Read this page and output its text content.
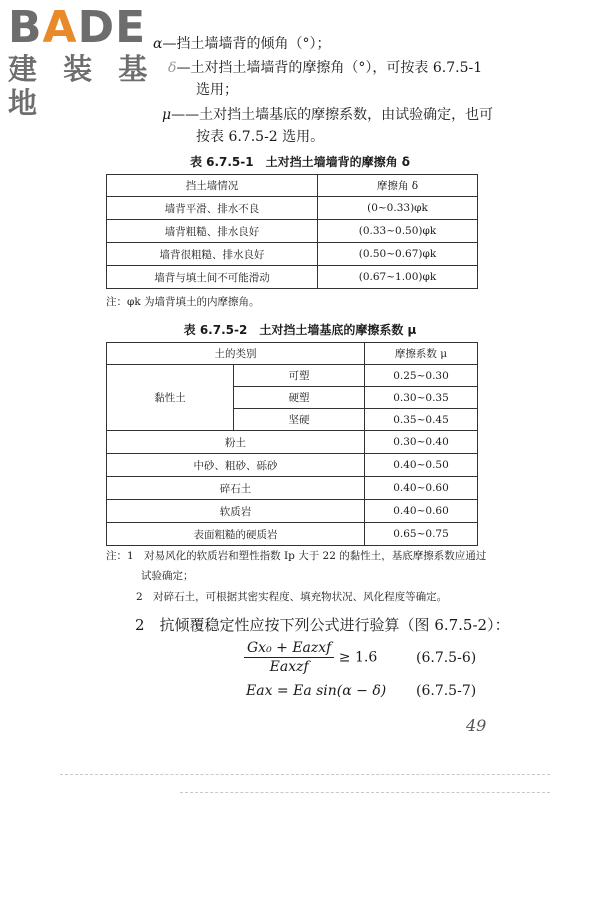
BADE
建 装 基 地
α—挡土墙墙背的倾角（°）；
δ—土对挡土墙墙背的摩擦角（°），可按表 6.7.5-1
选用；
μ——土对挡土墙基底的摩擦系数，由试验确定，也可
按表 6.7.5-2 选用。
表 6.7.5-1　土对挡土墙墙背的摩擦角 δ
挡土墙情况	摩擦角 δ
墙背平滑、排水不良	(0~0.33)φk
墙背粗糙、排水良好	(0.33~0.50)φk
墙背很粗糙、排水良好	(0.50~0.67)φk
墙背与填土间不可能滑动	(0.67~1.00)φk
注：φk 为墙背填土的内摩擦角。
表 6.7.5-2　土对挡土墙基底的摩擦系数 μ
土的类别		摩擦系数 μ
黏性土	可塑	0.25~0.30
	硬塑	0.30~0.35
	坚硬	0.35~0.45
粉土		0.30~0.40
中砂、粗砂、砾砂		0.40~0.50
碎石土		0.40~0.60
软质岩		0.40~0.60
表面粗糙的硬质岩		0.65~0.75
注：1　对易风化的软质岩和塑性指数 Ip 大于 22 的黏性土，基底摩擦系数应通过
试验确定；
2　对碎石土，可根据其密实程度、填充物状况、风化程度等确定。
2　抗倾覆稳定性应按下列公式进行验算（图 6.7.5-2）：
$\frac{\text{Gx₀ + Eazxf}}{\text{Eaxzf}} \ge 1.6$	(6.7.5-6)
Eax = Ea sin(α − δ) (6.7.5-7)
49
